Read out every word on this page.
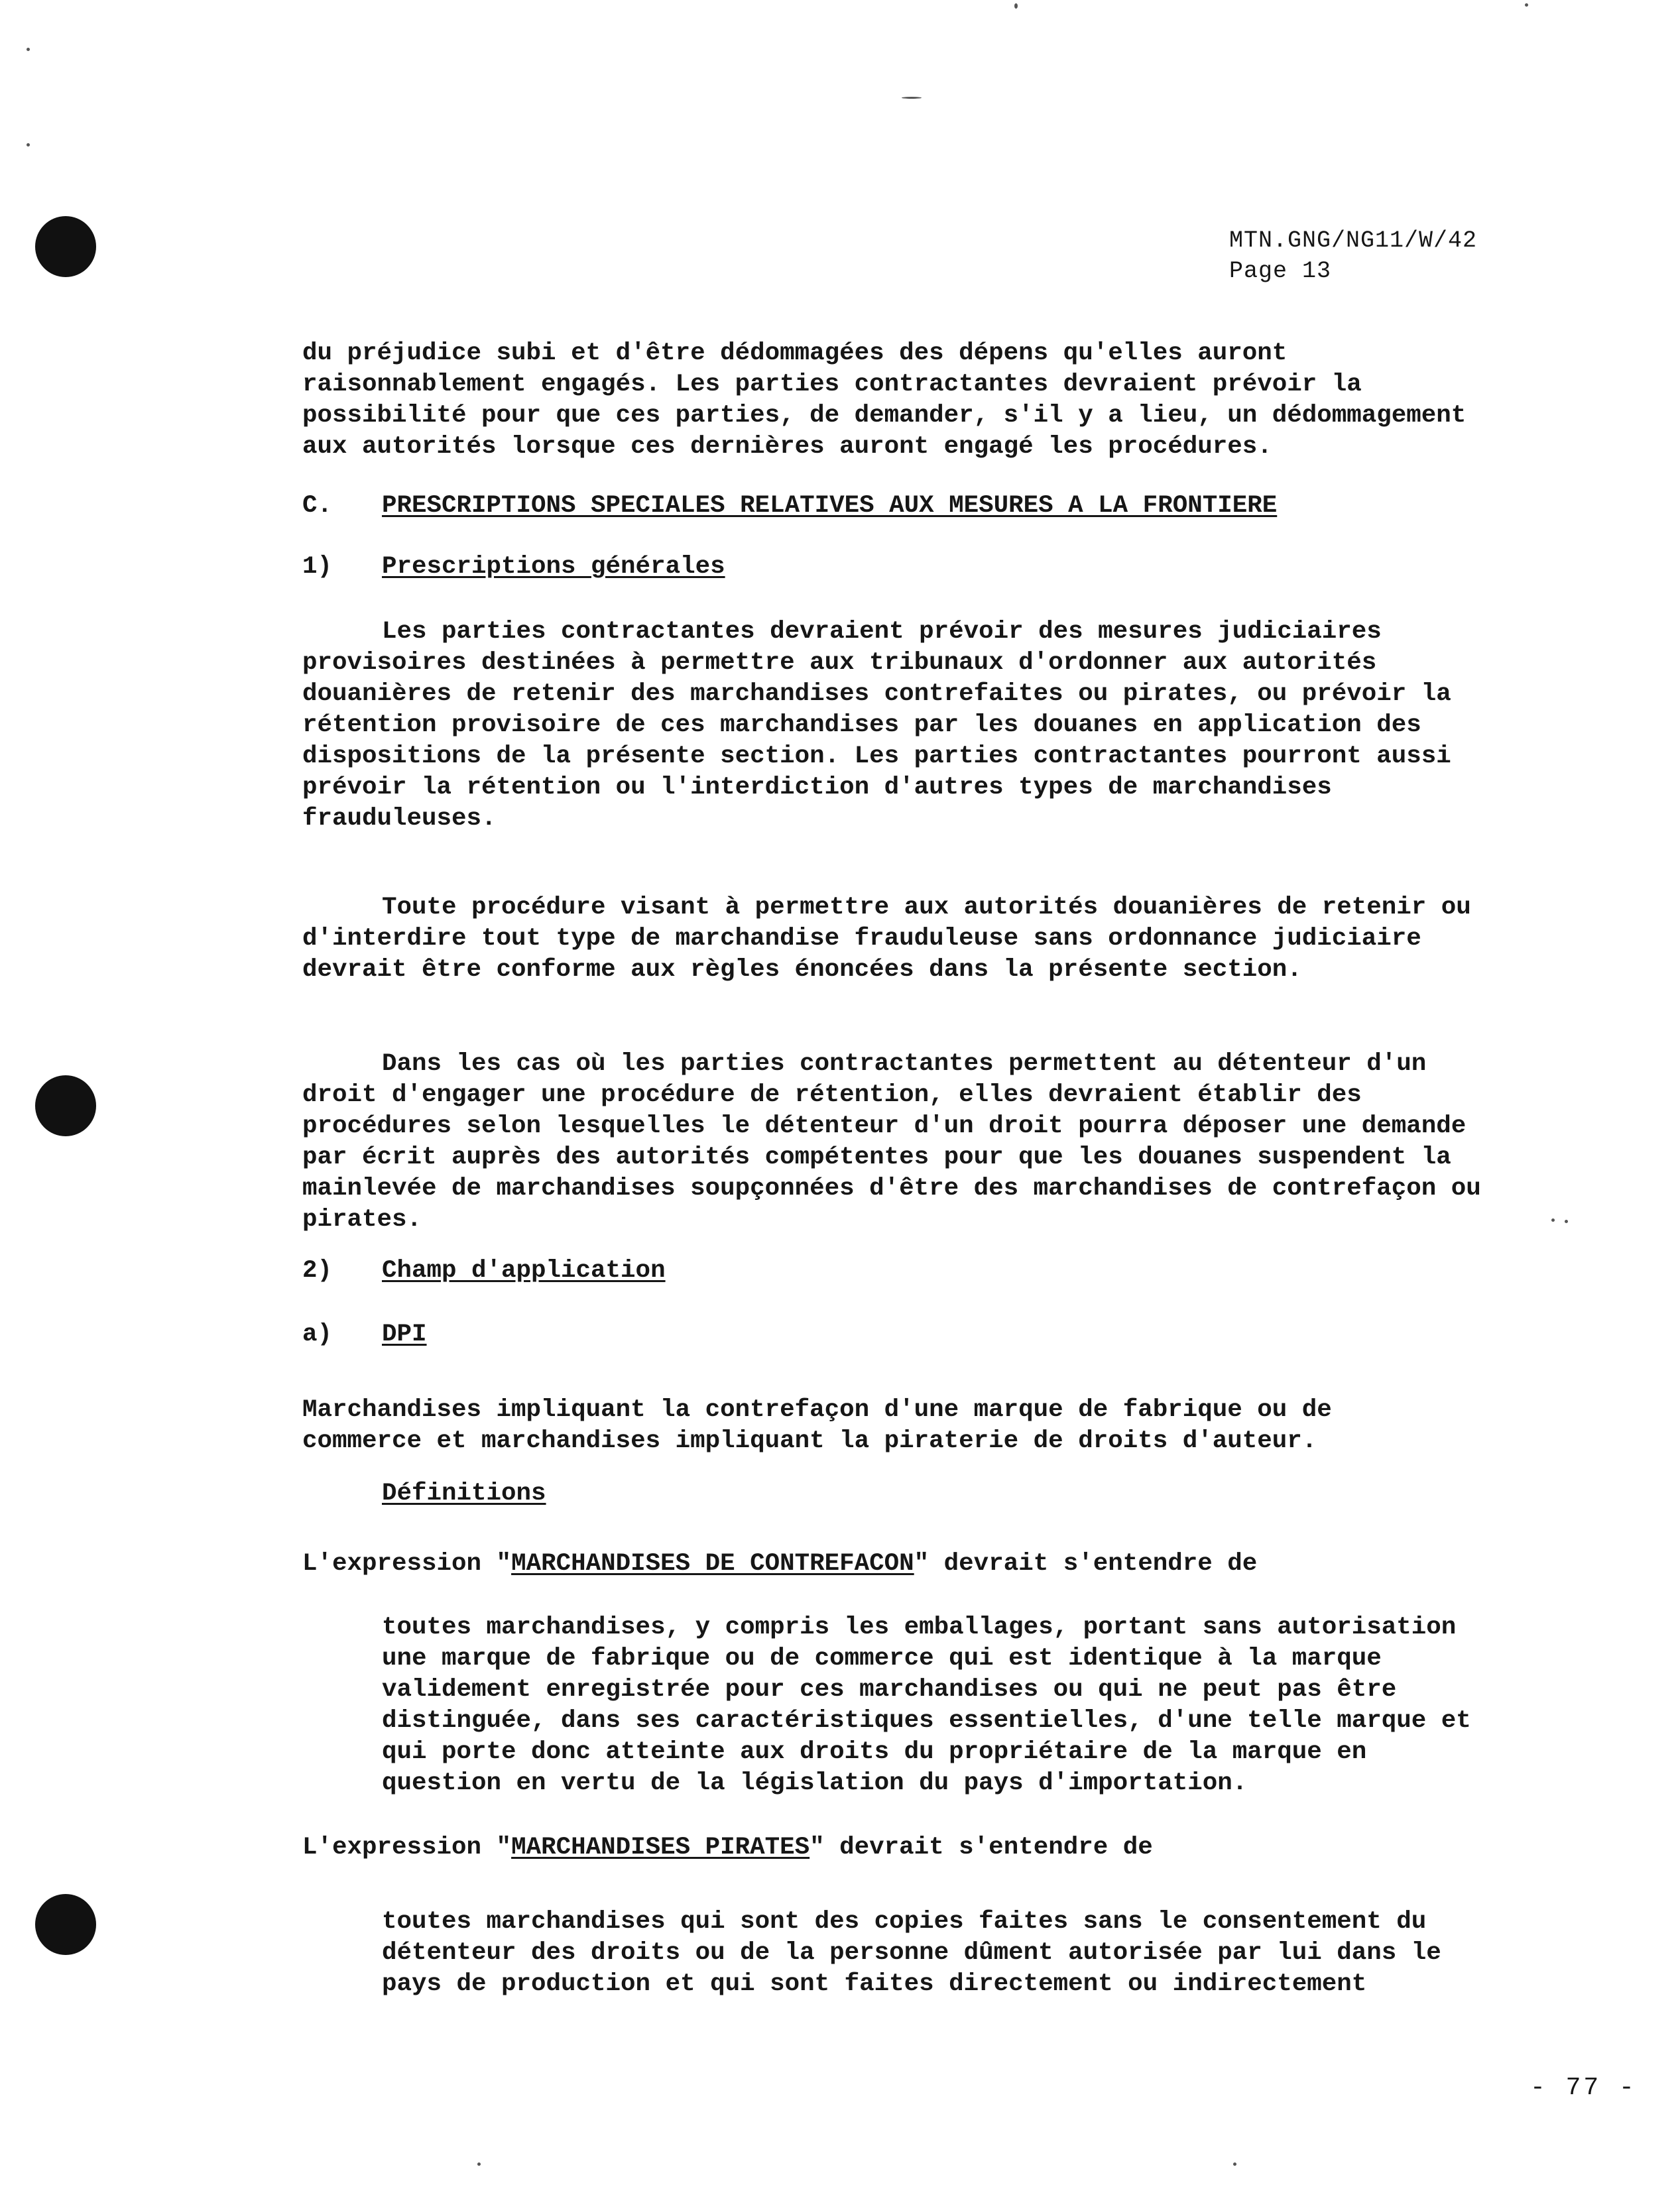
MTN.GNG/NG11/W/42
Page 13

du préjudice subi et d'être dédommagées des dépens qu'elles auront raisonnablement engagés. Les parties contractantes devraient prévoir la possibilité pour que ces parties, de demander, s'il y a lieu, un dédommagement aux autorités lorsque ces dernières auront engagé les procédures.

C.	PRESCRIPTIONS SPECIALES RELATIVES AUX MESURES A LA FRONTIERE
1)	Prescriptions générales

Les parties contractantes devraient prévoir des mesures judiciaires provisoires destinées à permettre aux tribunaux d'ordonner aux autorités douanières de retenir des marchandises contrefaites ou pirates, ou prévoir la rétention provisoire de ces marchandises par les douanes en application des dispositions de la présente section. Les parties contractantes pourront aussi prévoir la rétention ou l'interdiction d'autres types de marchandises frauduleuses.

Toute procédure visant à permettre aux autorités douanières de retenir ou d'interdire tout type de marchandise frauduleuse sans ordonnance judiciaire devrait être conforme aux règles énoncées dans la présente section.

Dans les cas où les parties contractantes permettent au détenteur d'un droit d'engager une procédure de rétention, elles devraient établir des procédures selon lesquelles le détenteur d'un droit pourra déposer une demande par écrit auprès des autorités compétentes pour que les douanes suspendent la mainlevée de marchandises soupçonnées d'être des marchandises de contrefaçon ou pirates.

2)	Champ d'application
a)	DPI

Marchandises impliquant la contrefaçon d'une marque de fabrique ou de commerce et marchandises impliquant la piraterie de droits d'auteur.

Définitions
L'expression "MARCHANDISES DE CONTREFACON" devrait s'entendre de

toutes marchandises, y compris les emballages, portant sans autorisation une marque de fabrique ou de commerce qui est identique à la marque validement enregistrée pour ces marchandises ou qui ne peut pas être distinguée, dans ses caractéristiques essentielles, d'une telle marque et qui porte donc atteinte aux droits du propriétaire de la marque en question en vertu de la législation du pays d'importation.

L'expression "MARCHANDISES PIRATES" devrait s'entendre de

toutes marchandises qui sont des copies faites sans le consentement du détenteur des droits ou de la personne dûment autorisée par lui dans le pays de production et qui sont faites directement ou indirectement

- 77 -
